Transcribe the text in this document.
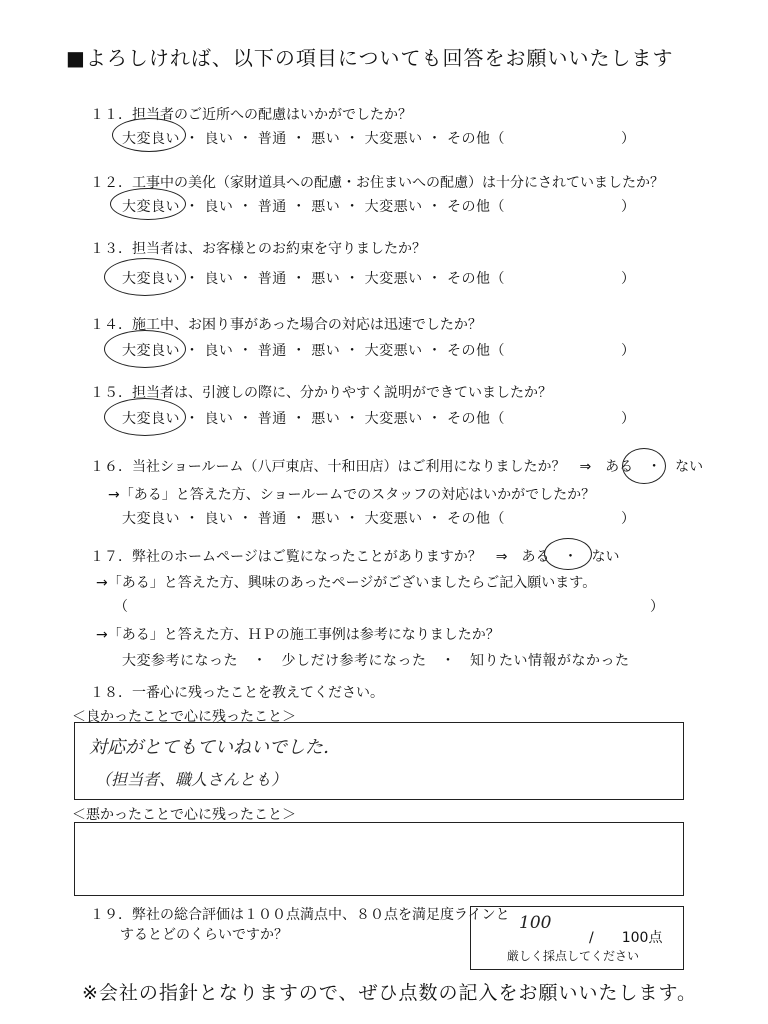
■よろしければ、以下の項目についても回答をお願いいたします
１１．担当者のご近所への配慮はいかがでしたか？
大変良い ・ 良い ・ 普通 ・ 悪い ・ 大変悪い ・ その他（　　　　　　　　）
１２．工事中の美化（家財道具への配慮・お住まいへの配慮）は十分にされていましたか？
大変良い ・ 良い ・ 普通 ・ 悪い ・ 大変悪い ・ その他（　　　　　　　　）
１３．担当者は、お客様とのお約束を守りましたか？
大変良い ・ 良い ・ 普通 ・ 悪い ・ 大変悪い ・ その他（　　　　　　　　）
１４．施工中、お困り事があった場合の対応は迅速でしたか？
大変良い ・ 良い ・ 普通 ・ 悪い ・ 大変悪い ・ その他（　　　　　　　　）
１５．担当者は、引渡しの際に、分かりやすく説明ができていましたか？
大変良い ・ 良い ・ 普通 ・ 悪い ・ 大変悪い ・ その他（　　　　　　　　）
１６．当社ショールーム（八戸東店、十和田店）はご利用になりましたか？　⇒　ある　・　ない
→「ある」と答えた方、ショールームでのスタッフの対応はいかがでしたか？
大変良い ・ 良い ・ 普通 ・ 悪い ・ 大変悪い ・ その他（　　　　　　　　）
１７．弊社のホームページはご覧になったことがありますか？　⇒　ある　・　ない
→「ある」と答えた方、興味のあったページがございましたらご記入願います。
（	）
→「ある」と答えた方、ＨＰの施工事例は参考になりましたか？
大変参考になった　・　少しだけ参考になった　・　知りたい情報がなかった
１８．一番心に残ったことを教えてください。
＜良かったことで心に残ったこと＞
対応がとてもていねいでした．
（担当者、職人さんとも）
＜悪かったことで心に残ったこと＞
１９．弊社の総合評価は１００点満点中、８０点を満足度ラインと
するとどのくらいですか？
100
/　　100点
厳しく採点してください
※会社の指針となりますので、ぜひ点数の記入をお願いいたします。
